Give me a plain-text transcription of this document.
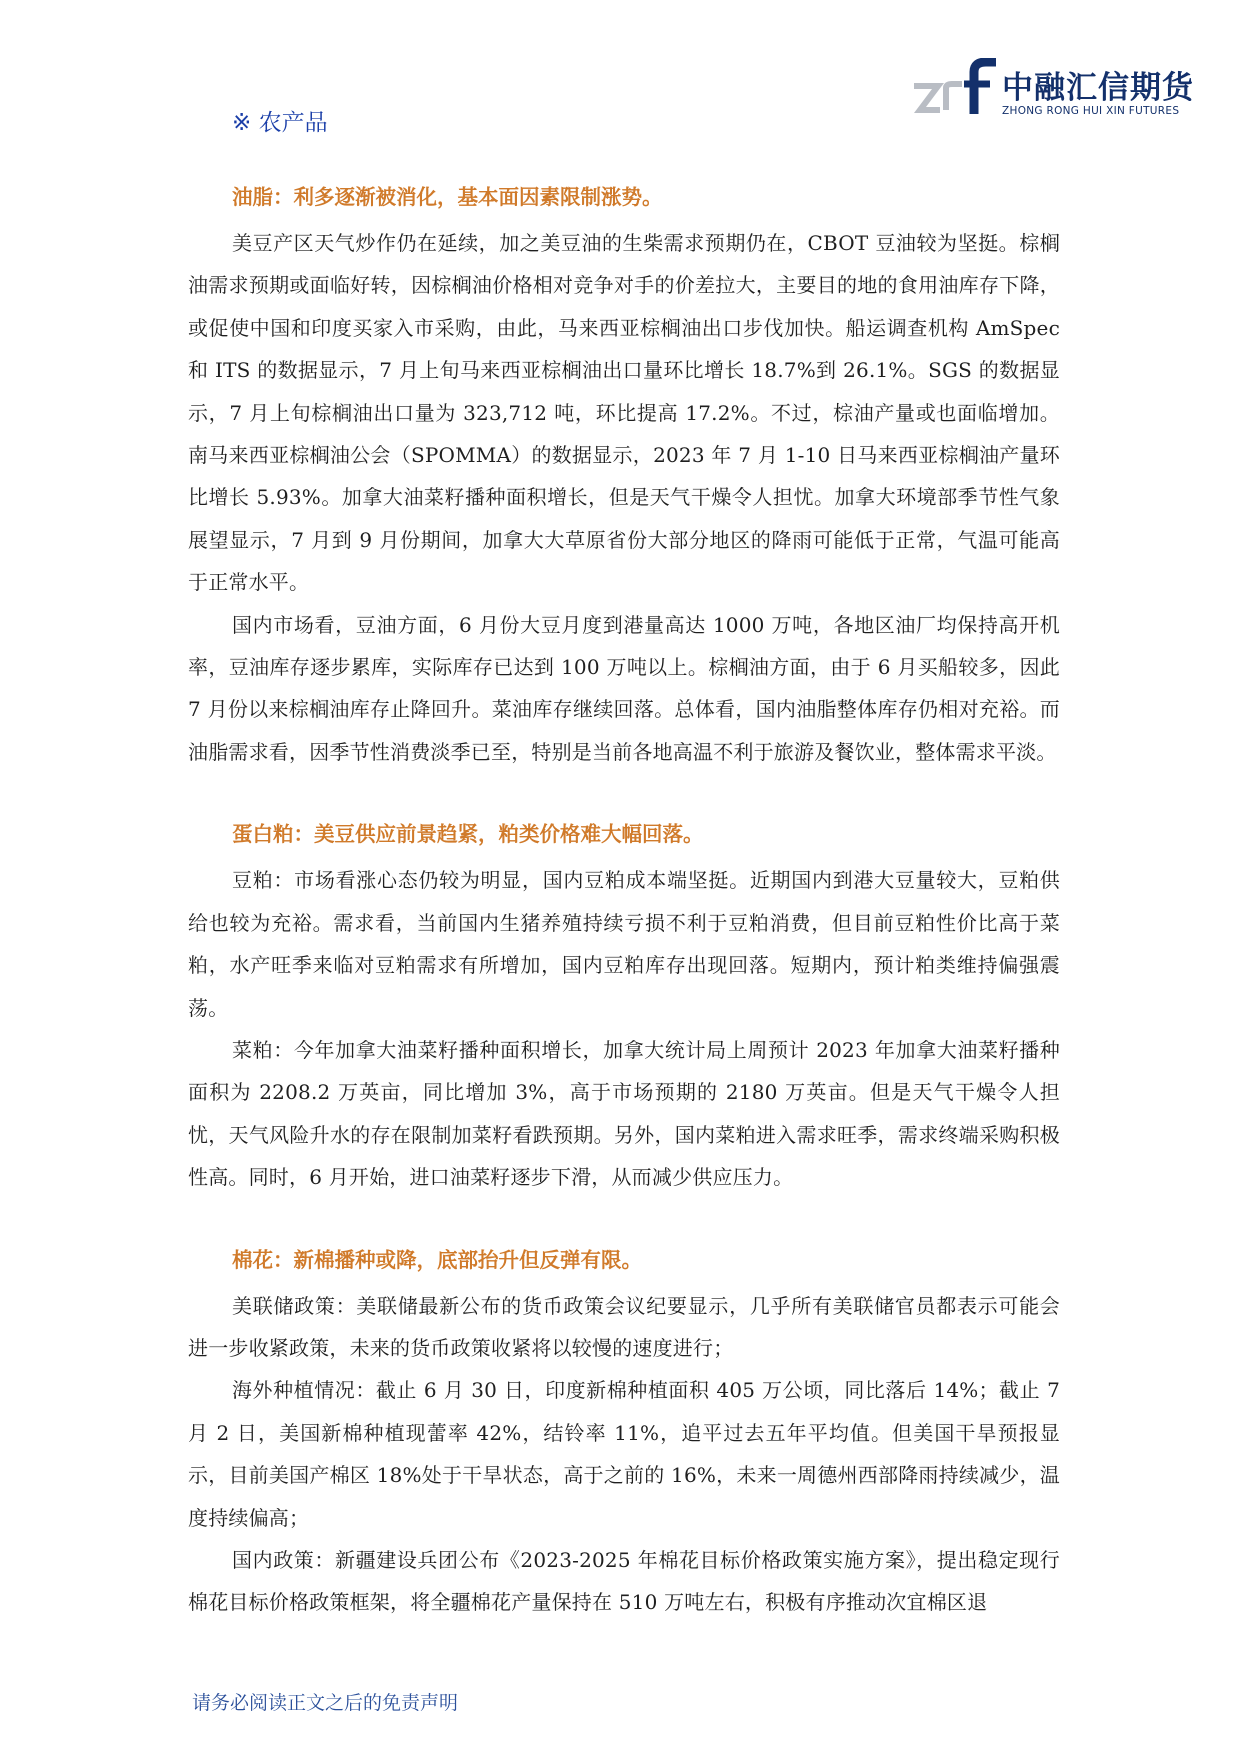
中融汇信期货
ZHONG RONG HUI XIN FUTURES
※ 农产品
油脂：利多逐渐被消化，基本面因素限制涨势。

美豆产区天气炒作仍在延续，加之美豆油的生柴需求预期仍在，CBOT 豆油较为坚挺。棕榈油需求预期或面临好转，因棕榈油价格相对竞争对手的价差拉大，主要目的地的食用油库存下降，或促使中国和印度买家入市采购，由此，马来西亚棕榈油出口步伐加快。船运调查机构 AmSpec 和 ITS 的数据显示，7 月上旬马来西亚棕榈油出口量环比增长 18.7%到 26.1%。SGS 的数据显示，7 月上旬棕榈油出口量为 323,712 吨，环比提高 17.2%。不过，棕油产量或也面临增加。南马来西亚棕榈油公会（SPOMMA）的数据显示，2023 年 7 月 1-10 日马来西亚棕榈油产量环比增长 5.93%。加拿大油菜籽播种面积增长，但是天气干燥令人担忧。加拿大环境部季节性气象展望显示，7 月到 9 月份期间，加拿大大草原省份大部分地区的降雨可能低于正常，气温可能高于正常水平。

国内市场看，豆油方面，6 月份大豆月度到港量高达 1000 万吨，各地区油厂均保持高开机率，豆油库存逐步累库，实际库存已达到 100 万吨以上。棕榈油方面，由于 6 月买船较多，因此 7 月份以来棕榈油库存止降回升。菜油库存继续回落。总体看，国内油脂整体库存仍相对充裕。而油脂需求看，因季节性消费淡季已至，特别是当前各地高温不利于旅游及餐饮业，整体需求平淡。

蛋白粕：美豆供应前景趋紧，粕类价格难大幅回落。

豆粕：市场看涨心态仍较为明显，国内豆粕成本端坚挺。近期国内到港大豆量较大，豆粕供给也较为充裕。需求看，当前国内生猪养殖持续亏损不利于豆粕消费，但目前豆粕性价比高于菜粕，水产旺季来临对豆粕需求有所增加，国内豆粕库存出现回落。短期内，预计粕类维持偏强震荡。

菜粕：今年加拿大油菜籽播种面积增长，加拿大统计局上周预计 2023 年加拿大油菜籽播种面积为 2208.2 万英亩，同比增加 3%，高于市场预期的 2180 万英亩。但是天气干燥令人担忧，天气风险升水的存在限制加菜籽看跌预期。另外，国内菜粕进入需求旺季，需求终端采购积极性高。同时，6 月开始，进口油菜籽逐步下滑，从而减少供应压力。

棉花：新棉播种或降，底部抬升但反弹有限。

美联储政策：美联储最新公布的货币政策会议纪要显示，几乎所有美联储官员都表示可能会进一步收紧政策，未来的货币政策收紧将以较慢的速度进行；

海外种植情况：截止 6 月 30 日，印度新棉种植面积 405 万公顷，同比落后 14%；截止 7 月 2 日，美国新棉种植现蕾率 42%，结铃率 11%，追平过去五年平均值。但美国干旱预报显示，目前美国产棉区 18%处于干旱状态，高于之前的 16%，未来一周德州西部降雨持续减少，温度持续偏高；

国内政策：新疆建设兵团公布《2023-2025 年棉花目标价格政策实施方案》，提出稳定现行棉花目标价格政策框架，将全疆棉花产量保持在 510 万吨左右，积极有序推动次宜棉区退

请务必阅读正文之后的免责声明
